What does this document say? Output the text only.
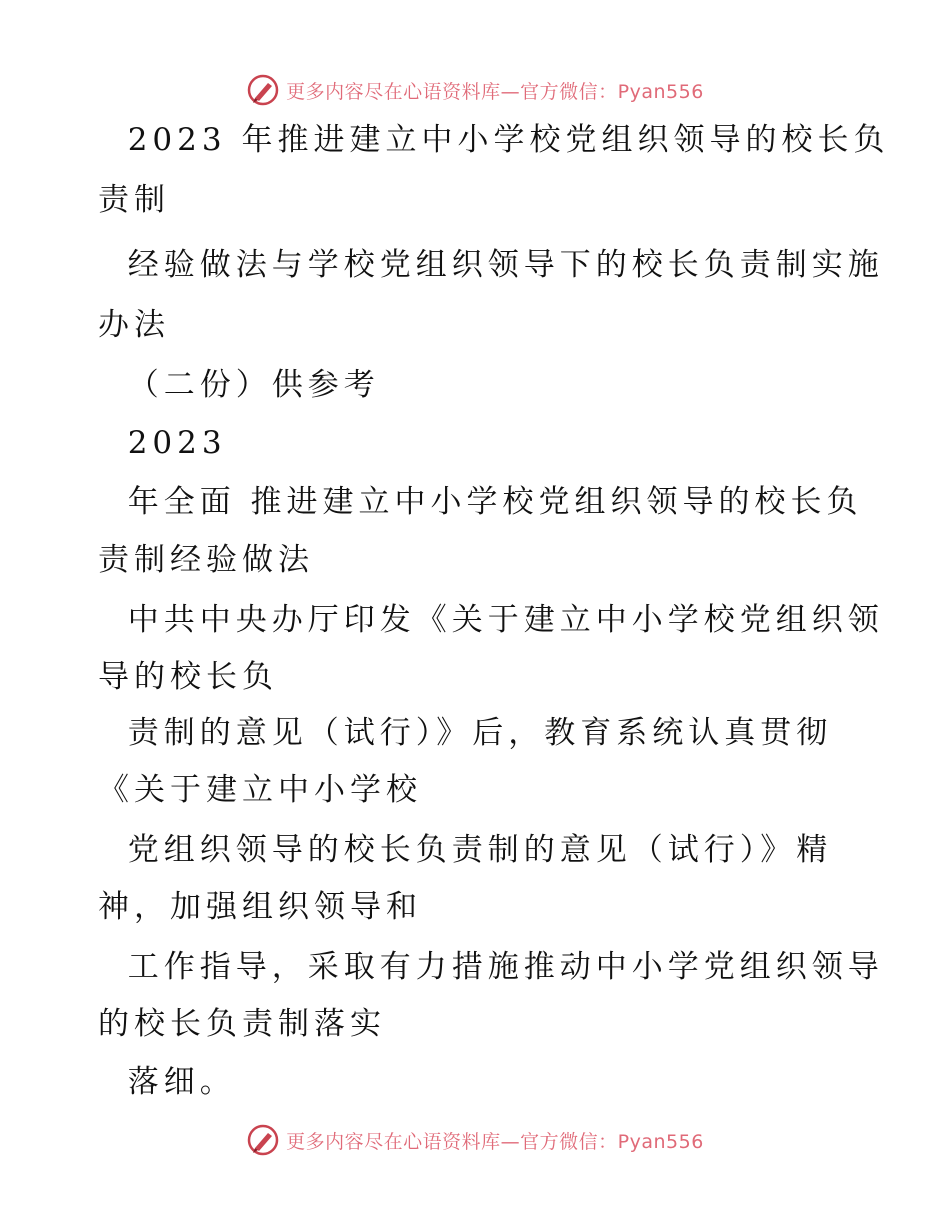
更多内容尽在心语资料库—官方微信：Pyan556
2023 年推进建立中小学校党组织领导的校长负
责制
经验做法与学校党组织领导下的校长负责制实施
办法
（二份）供参考
2023
年全面 推进建立中小学校党组织领导的校长负
责制经验做法
中共中央办厅印发《关于建立中小学校党组织领
导的校长负
责制的意见（试行）》后，教育系统认真贯彻
《关于建立中小学校
党组织领导的校长负责制的意见（试行）》精
神，加强组织领导和
工作指导，采取有力措施推动中小学党组织领导
的校长负责制落实
落细。
更多内容尽在心语资料库—官方微信：Pyan556
